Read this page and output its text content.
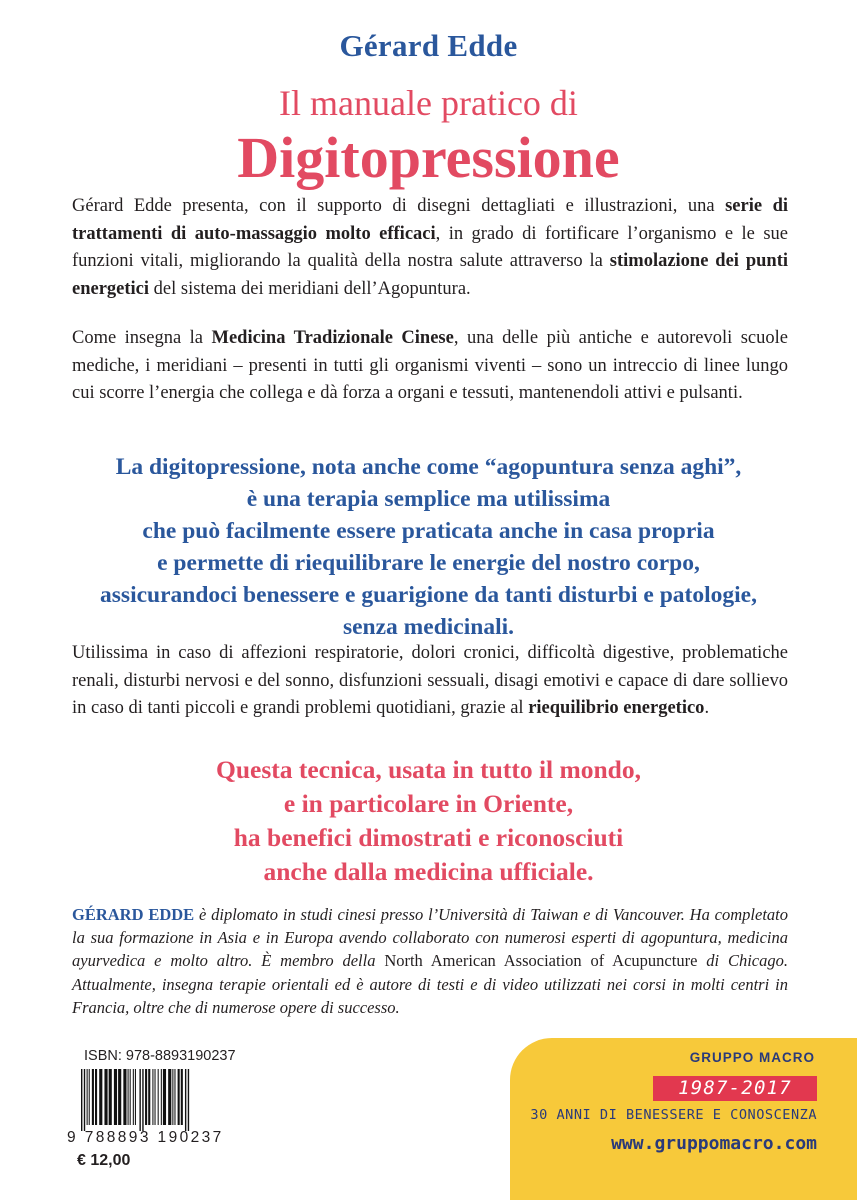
Gérard Edde
Il manuale pratico di
Digitopressione

Gérard Edde presenta, con il supporto di disegni dettagliati e illustrazioni, una serie di trattamenti di auto-massaggio molto efficaci, in grado di fortificare l’organismo e le sue funzioni vitali, migliorando la qualità della nostra salute attraverso la stimolazione dei punti energetici del sistema dei meridiani dell’Agopuntura.

Come insegna la Medicina Tradizionale Cinese, una delle più antiche e autorevoli scuole mediche, i meridiani – presenti in tutti gli organismi viventi – sono un intreccio di linee lungo cui scorre l’energia che collega e dà forza a organi e tessuti, mantenendoli attivi e pulsanti.

La digitopressione, nota anche come “agopuntura senza aghi”,
è una terapia semplice ma utilissima
che può facilmente essere praticata anche in casa propria
e permette di riequilibrare le energie del nostro corpo,
assicurandoci benessere e guarigione da tanti disturbi e patologie,
senza medicinali.

Utilissima in caso di affezioni respiratorie, dolori cronici, difficoltà digestive, problematiche renali, disturbi nervosi e del sonno, disfunzioni sessuali, disagi emotivi e capace di dare sollievo in caso di tanti piccoli e grandi problemi quotidiani, grazie al riequilibrio energetico.

Questa tecnica, usata in tutto il mondo,
e in particolare in Oriente,
ha benefici dimostrati e riconosciuti
anche dalla medicina ufficiale.

GÉRARD EDDE è diplomato in studi cinesi presso l’Università di Taiwan e di Vancouver. Ha completato la sua formazione in Asia e in Europa avendo collaborato con numerosi esperti di agopuntura, medicina ayurvedica e molto altro. È membro della North American Association of Acupuncture di Chicago. Attualmente, insegna terapie orientali ed è autore di testi e di video utilizzati nei corsi in molti centri in Francia, oltre che di numerose opere di successo.

ISBN: 978-8893190237
9 788893 190237
€ 12,00
GRUPPO MACRO
1987-2017
30 ANNI DI BENESSERE E CONOSCENZA
www.gruppomacro.com
